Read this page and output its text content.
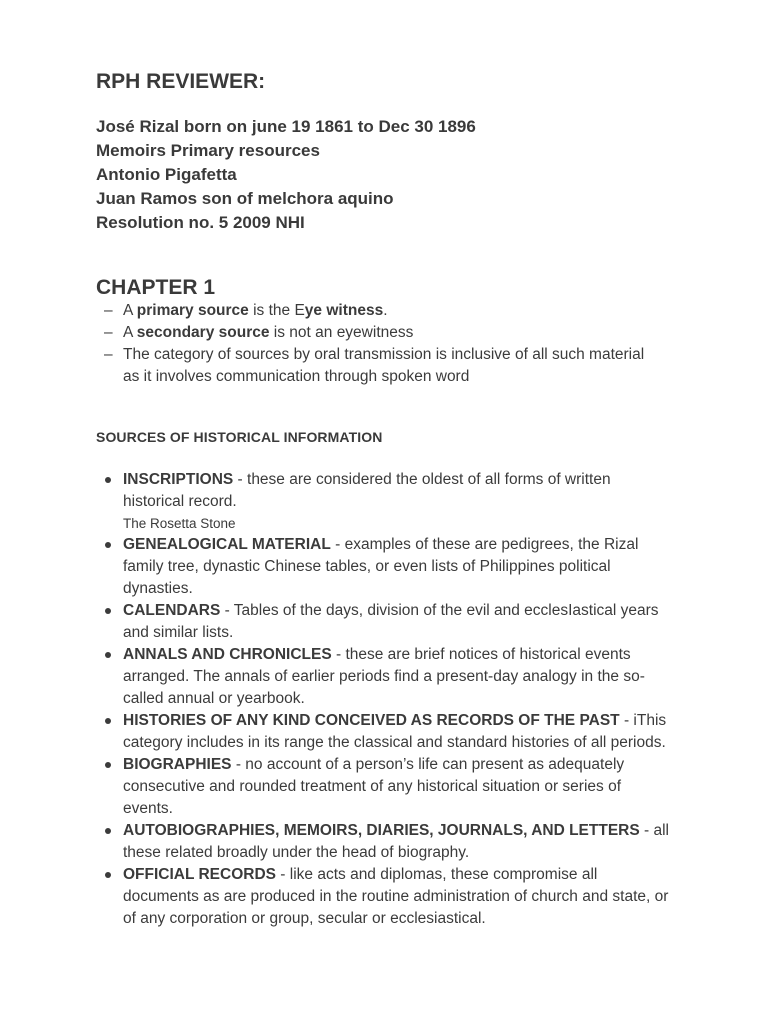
RPH REVIEWER:
José Rizal born on june 19 1861 to Dec 30 1896
Memoirs Primary resources
Antonio Pigafetta
Juan Ramos son of melchora aquino
Resolution no. 5 2009 NHI
CHAPTER 1
– A primary source is the Eye witness.
– A secondary source is not an eyewitness
– The category of sources by oral transmission is inclusive of all such material as it involves communication through spoken word
SOURCES OF HISTORICAL INFORMATION
INSCRIPTIONS - these are considered the oldest of all forms of written historical record.
The Rosetta Stone
GENEALOGICAL MATERIAL - examples of these are pedigrees, the Rizal family tree, dynastic Chinese tables, or even lists of Philippines political dynasties.
CALENDARS - Tables of the days, division of the evil and ecclesIastical years and similar lists.
ANNALS AND CHRONICLES - these are brief notices of historical events arranged. The annals of earlier periods find a present-day analogy in the so-called annual or yearbook.
HISTORIES OF ANY KIND CONCEIVED AS RECORDS OF THE PAST - iThis category includes in its range the classical and standard histories of all periods.
BIOGRAPHIES - no account of a person’s life can present as adequately consecutive and rounded treatment of any historical situation or series of events.
AUTOBIOGRAPHIES, MEMOIRS, DIARIES, JOURNALS, AND LETTERS - all these related broadly under the head of biography.
OFFICIAL RECORDS - like acts and diplomas, these compromise all documents as are produced in the routine administration of church and state, or of any corporation or group, secular or ecclesiastical.
